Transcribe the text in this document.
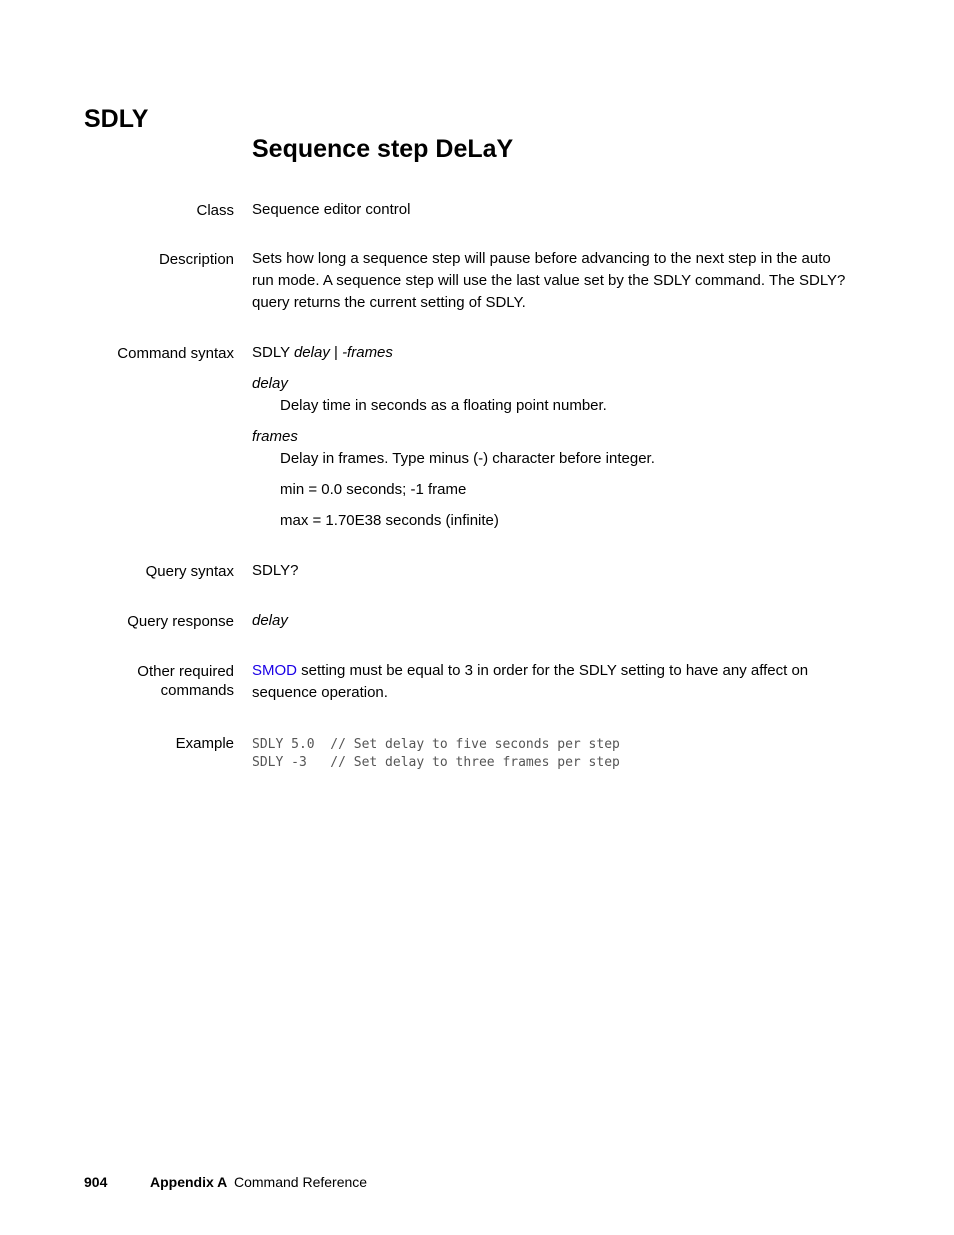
SDLY
Sequence step DeLaY
Class Sequence editor control
Description Sets how long a sequence step will pause before advancing to the next step in the auto
run mode. A sequence step will use the last value set by the SDLY command. The SDLY?
query returns the current setting of SDLY.
Command syntax SDLY delay | -frames
delay
Delay time in seconds as a floating point number.
frames
Delay in frames. Type minus (-) character before integer.
min = 0.0 seconds; -1 frame
max = 1.70E38 seconds (infinite)
Query syntax SDLY?
Query response delay
Other required
commands
SMOD setting must be equal to 3 in order for the SDLY setting to have any affect on
sequence operation.
Example SDLY 5.0  // Set delay to five seconds per step
SDLY -3   // Set delay to three frames per step
904	Appendix A Command Reference
